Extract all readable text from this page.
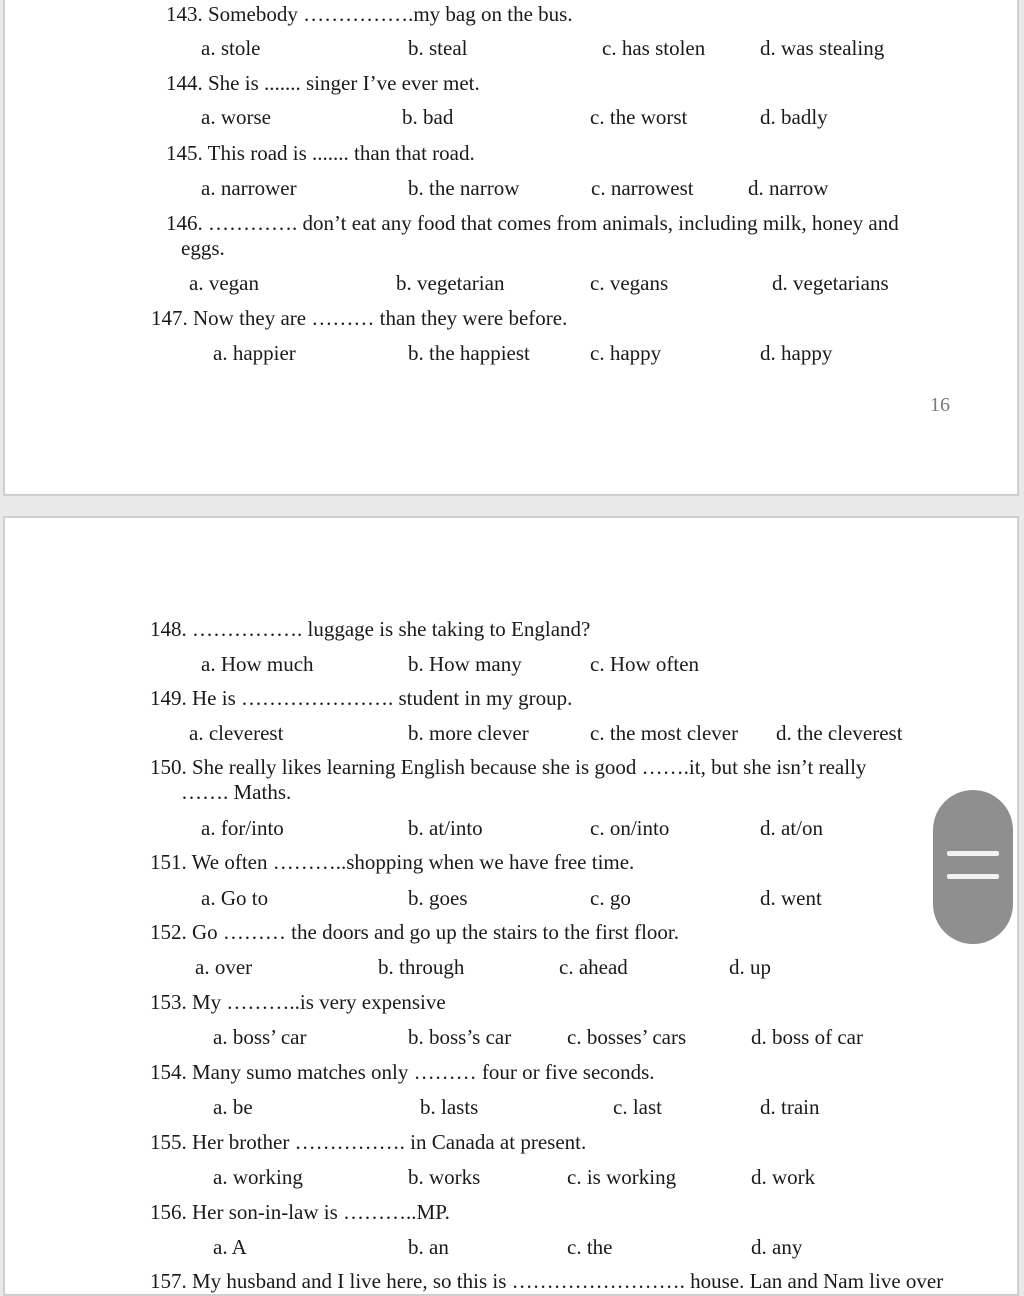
143. Somebody …………….my bag on the bus.
a. stole	b. steal	c. has stolen	d. was stealing
144. She is ....... singer I’ve ever met.
a. worse	b. bad	c. the worst	d. badly
145. This road is ....... than that road.
a. narrower	b. the narrow	c. narrowest	d. narrow
146. …………. don’t eat any food that comes from animals, including milk, honey and
eggs.
a. vegan	b. vegetarian	c. vegans	d. vegetarians
147. Now they are ……… than they were before.
a. happier	b. the happiest	c. happy	d. happy
16
148. ……………. luggage is she taking to England?
a. How much	b. How many	c. How often
149. He is …………………. student in my group.
a. cleverest	b. more clever	c. the most clever d. the cleverest
150. She really likes learning English because she is good …….it, but she isn’t really
……. Maths.
a. for/into	b. at/into	c. on/into	d. at/on
151. We often ………..shopping when we have free time.
a. Go to	b. goes	c. go	d. went
152. Go ……… the doors and go up the stairs to the first floor.
a. over	b. through	c. ahead	d. up
153. My ………..is very expensive
a. boss’ car	b. boss’s car	c. bosses’ cars	d. boss of car
154. Many sumo matches only ……… four or five seconds.
a. be	b. lasts	c. last	d. train
155. Her brother ……………. in Canada at present.
a. working	b. works	c. is working	d. work
156. Her son-in-law is ………..MP.
a. A	b. an	c. the	d. any
157. My husband and I live here, so this is ……………………. house. Lan and Nam live over
